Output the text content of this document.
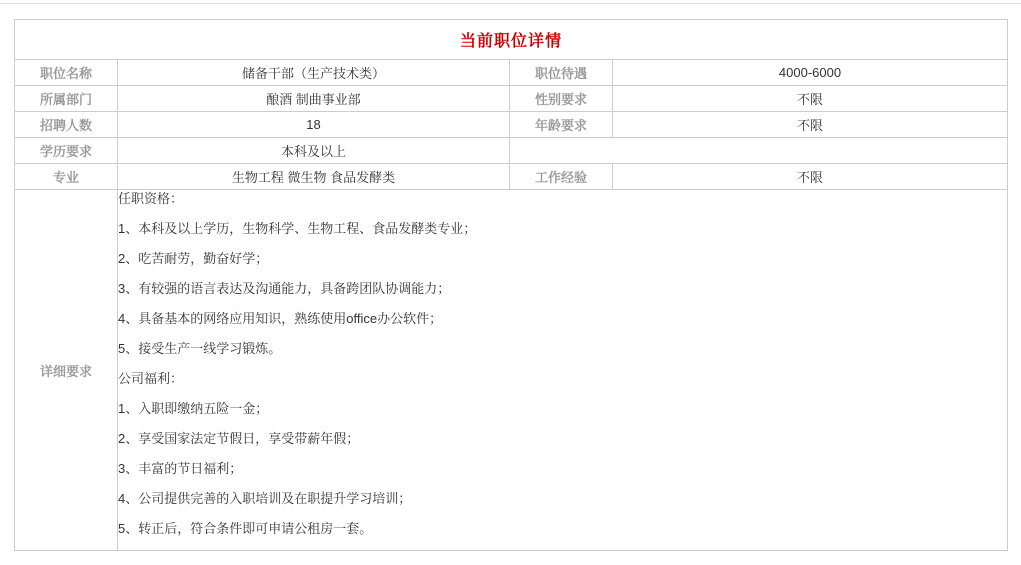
当前职位详情			
职位名称	储备干部（生产技术类）	职位待遇	4000-6000
所属部门	酿酒 制曲事业部	性别要求	不限
招聘人数	18	年龄要求	不限
学历要求	本科及以上		
专业	生物工程 微生物 食品发酵类	工作经验	不限
详细要求	

任职资格：

1、本科及以上学历，生物科学、生物工程、食品发酵类专业；

2、吃苦耐劳，勤奋好学；

3、有较强的语言表达及沟通能力，具备跨团队协调能力；

4、具备基本的网络应用知识，熟练使用office办公软件；

5、接受生产一线学习锻炼。

公司福利：

1、入职即缴纳五险一金；

2、享受国家法定节假日，享受带薪年假；

3、丰富的节日福利；

4、公司提供完善的入职培训及在职提升学习培训；

5、转正后，符合条件即可申请公租房一套。
